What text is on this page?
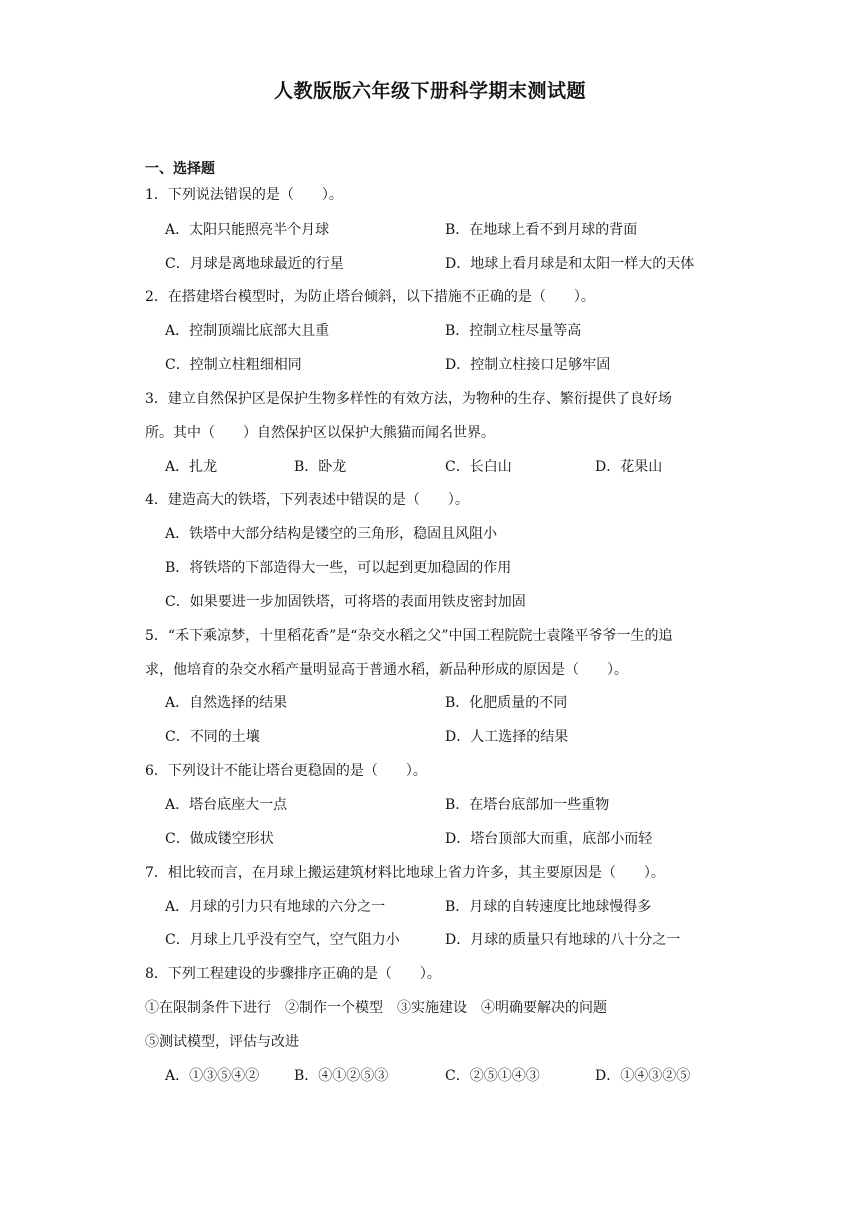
人教版版六年级下册科学期末测试题
一、选择题
1．下列说法错误的是（　　）。
A．太阳只能照亮半个月球	B．在地球上看不到月球的背面
C．月球是离地球最近的行星	D．地球上看月球是和太阳一样大的天体
2．在搭建塔台模型时，为防止塔台倾斜，以下措施不正确的是（　　）。
A．控制顶端比底部大且重	B．控制立柱尽量等高
C．控制立柱粗细相同	D．控制立柱接口足够牢固
3．建立自然保护区是保护生物多样性的有效方法，为物种的生存、繁衍提供了良好场
所。其中（　　）自然保护区以保护大熊猫而闻名世界。
A．扎龙	B．卧龙	C．长白山	D．花果山
4．建造高大的铁塔，下列表述中错误的是（　　）。
A．铁塔中大部分结构是镂空的三角形，稳固且风阻小
B．将铁塔的下部造得大一些，可以起到更加稳固的作用
C．如果要进一步加固铁塔，可将塔的表面用铁皮密封加固
5．“禾下乘凉梦，十里稻花香”是“杂交水稻之父”中国工程院院士袁隆平爷爷一生的追
求，他培育的杂交水稻产量明显高于普通水稻，新品种形成的原因是（　　）。
A．自然选择的结果	B．化肥质量的不同
C．不同的土壤	D．人工选择的结果
6．下列设计不能让塔台更稳固的是（　　）。
A．塔台底座大一点	B．在塔台底部加一些重物
C．做成镂空形状	D．塔台顶部大而重，底部小而轻
7．相比较而言，在月球上搬运建筑材料比地球上省力许多，其主要原因是（　　）。
A．月球的引力只有地球的六分之一	B．月球的自转速度比地球慢得多
C．月球上几乎没有空气，空气阻力小	D．月球的质量只有地球的八十分之一
8．下列工程建设的步骤排序正确的是（　　）。
①在限制条件下进行　②制作一个模型　③实施建设　④明确要解决的问题
⑤测试模型，评估与改进
A．①③⑤④② B．④①②⑤③	C．②⑤①④③	D．①④③②⑤
